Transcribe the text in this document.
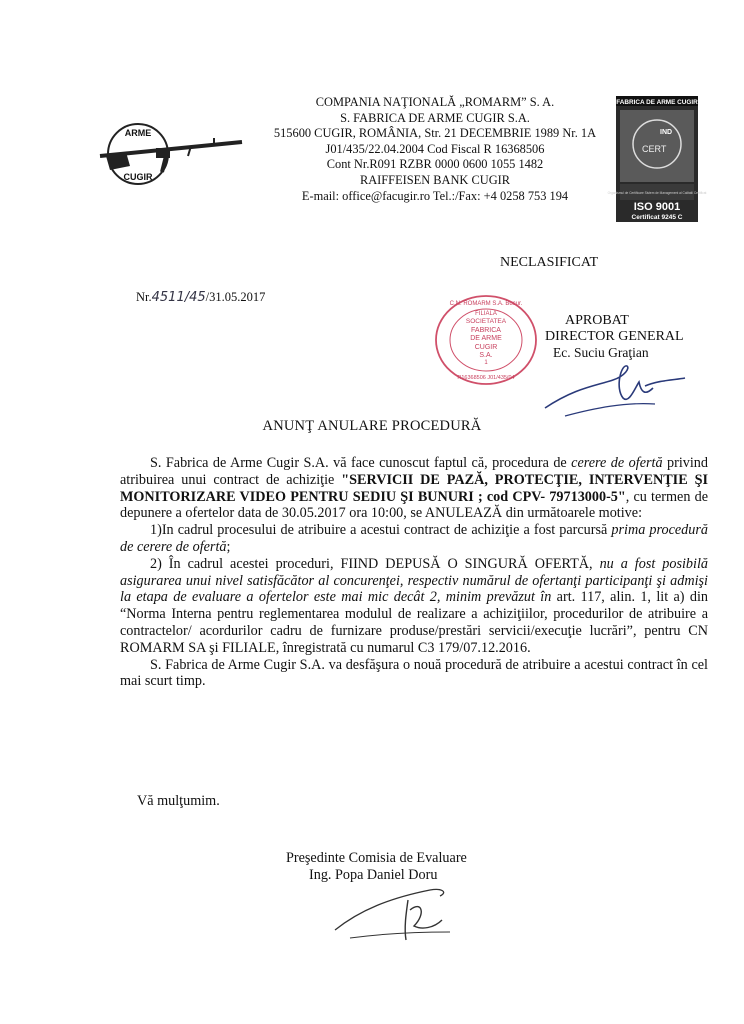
ARME
CUGIR
COMPANIA NAŢIONALĂ „ROMARM” S. A.
S. FABRICA DE ARME CUGIR S.A.
515600 CUGIR, ROMÂNIA, Str. 21 DECEMBRIE 1989 Nr. 1A
J01/435/22.04.2004 Cod Fiscal R 16368506
Cont Nr.R091 RZBR 0000 0600 1055 1482
RAIFFEISEN BANK CUGIR
E-mail: office@facugir.ro Tel.:/Fax: +4 0258 753 194
FABRICA DE ARME CUGIR
CERT
IND
Organismul de Certificare Sistem de Management al Calitatii Certificat
ISO 9001
Certificat 9245 C
NECLASIFICAT
Nr.4511/45/31.05.2017	C.N. ROMARM S.A. Bucur.
FILIALA
SOCIETATEA
FABRICA
DE ARME
CUGIR
S.A.
1
R16368506 J01/435/04
APROBAT
DIRECTOR GENERAL
Ec. Suciu Graţian
ANUNŢ ANULARE PROCEDURĂ

S. Fabrica de Arme Cugir S.A. vă face cunoscut faptul că, procedura de cerere de ofertă privind atribuirea unui contract de achiziţie "SERVICII DE PAZĂ, PROTECŢIE, INTERVENŢIE ŞI MONITORIZARE VIDEO PENTRU SEDIU ŞI BUNURI ; cod CPV- 79713000-5", cu termen de depunere a ofertelor data de 30.05.2017 ora 10:00, se ANULEAZĂ din următoarele motive:

1)In cadrul procesului de atribuire a acestui contract de achiziţie a fost parcursă prima procedură de cerere de ofertă;

2) În cadrul acestei proceduri, FIIND DEPUSĂ O SINGURĂ OFERTĂ, nu a fost posibilă asigurarea unui nivel satisfăcător al concurenţei, respectiv numărul de ofertanţi participanţi şi admişi la etapa de evaluare a ofertelor este mai mic decât 2, minim prevăzut în art. 117, alin. 1, lit a) din “Norma Interna pentru reglementarea modulul de realizare a achiziţiilor, procedurilor de atribuire a contractelor/ acordurilor cadru de furnizare produse/prestări servicii/execuţie lucrări”, pentru CN ROMARM SA şi FILIALE, înregistrată cu numarul C3 179/07.12.2016.

S. Fabrica de Arme Cugir S.A. va desfăşura o nouă procedură de atribuire a acestui contract în cel mai scurt timp.

Vă mulţumim.
Preşedinte Comisia de Evaluare
Ing. Popa Daniel Doru
